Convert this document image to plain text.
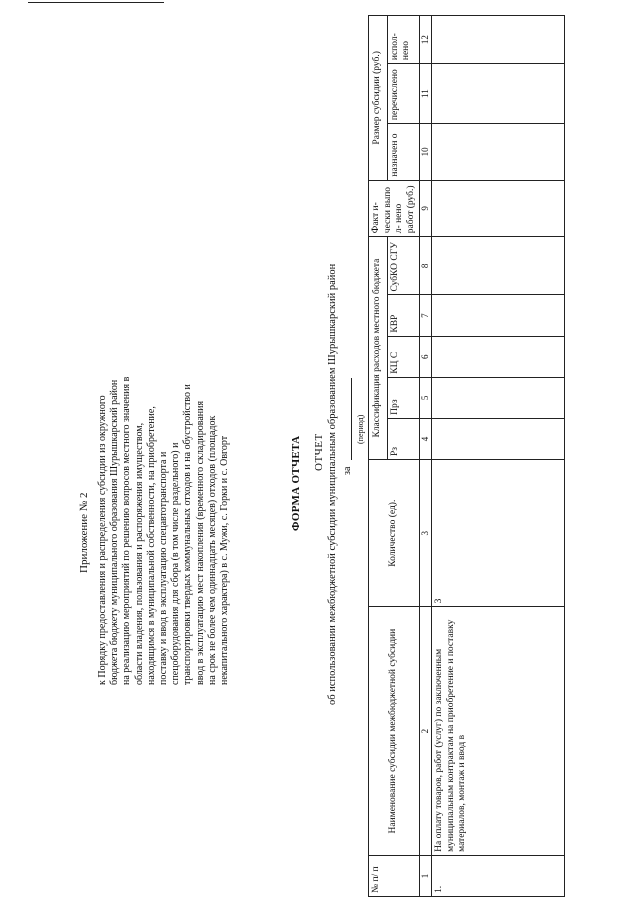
Приложение № 2 к Порядку предоставления и распределения субсидии из окружного бюджета бюджету муниципального образования Шурышкарский район на реализацию мероприятий по решению вопросов местного значения в области владения, пользования и распоряжения имуществом, находящимся в муниципальной собственности, на приобретение, поставку и ввод в эксплуатацию спецавтотранспорта и спецоборудования для сбора (в том числе раздельного) и транспортировки твердых коммунальных отходов и на обустройство и ввод в эксплуатацию мест накопления (временного складирования на срок не более чем одиннадцать месяцев) отходов (площадок некапитального характера) в с. Мужи, с. Горки и с. Овгорт	ФОРМА ОТЧЕТА ОТЧЕТ об использовании межбюджетной субсидии муниципальным образованием Шурышкарский район за
(период)
№ п/ п	Наименование субсидии межбюджетной субсидии	Количество (ед).	Классификация расходов местного бюджета					Факт и- чески выпо л- нено работ (руб.)	Размер субсидии (руб.)		
			Рз	Прз	КЦ С	КВР	СубКО СГУ		назначен о	перечислено	испол- нено
1	2	3	4	5	6	7	8	9	10	11	12
1.	На оплату товаров, работ (услуг) по заключенным муниципальным контрактам на приобретение и поставку материалов, монтаж и ввод в	3									
